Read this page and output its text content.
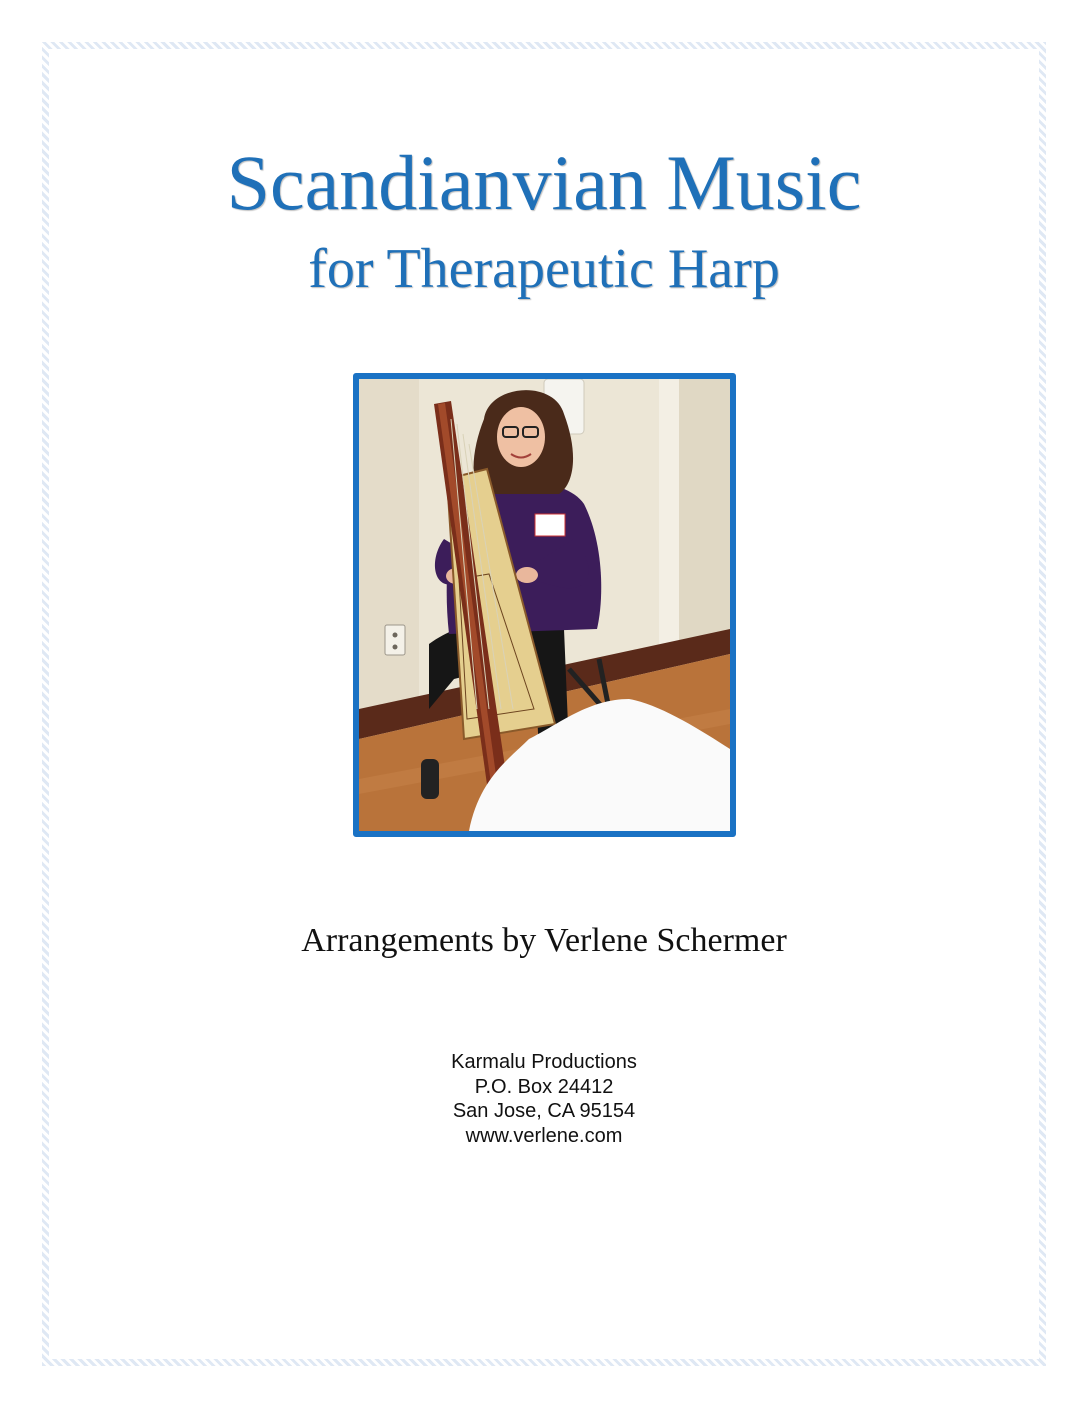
Scandianvian Music
for Therapeutic Harp

Arrangements by Verlene Schermer

Karmalu Productions
P.O. Box 24412
San Jose, CA 95154
www.verlene.com
